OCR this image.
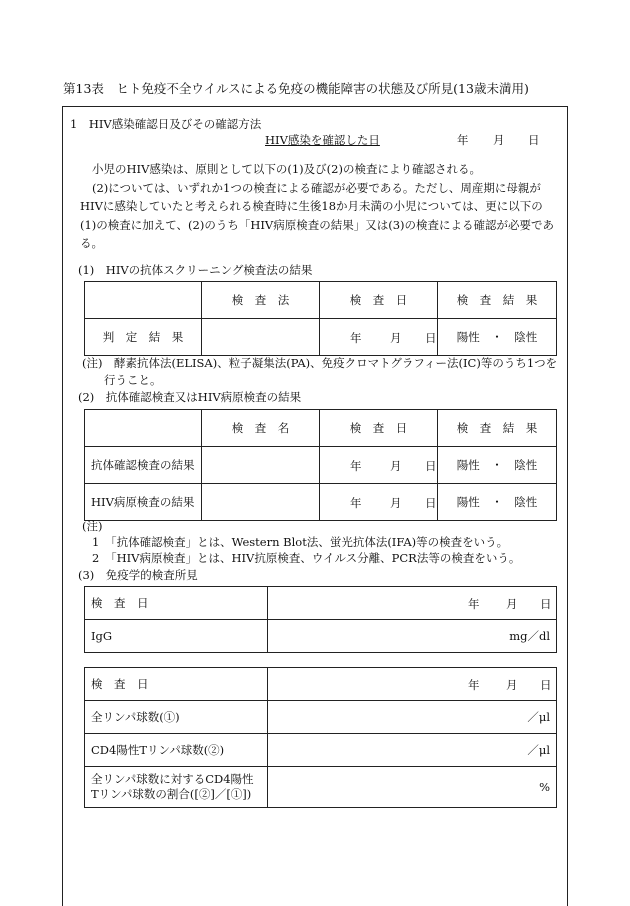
第13表　ヒト免疫不全ウイルスによる免疫の機能障害の状態及び所見(13歳未満用)
1　HIV感染確認日及びその確認方法
HIV感染を確認した日	年 月 日
小児のHIV感染は、原則として以下の(1)及び(2)の検査により確認される。
(2)については、いずれか1つの検査による確認が必要である。ただし、周産期に母親が
HIVに感染していたと考えられる検査時に生後18か月未満の小児については、更に以下の
(1)の検査に加えて、(2)のうち「HIV病原検査の結果」又は(3)の検査による確認が必要であ
る。
(1)　HIVの抗体スクリーニング検査法の結果
	検　査　法	検　査　日	検　査　結　果
判　定　結　果		年 月 日	陽性　・　陰性
(注)　酵素抗体法(ELISA)、粒子凝集法(PA)、免疫クロマトグラフィー法(IC)等のうち1つを
行うこと。
(2)　抗体確認検査又はHIV病原検査の結果
	検　査　名	検　査　日	検　査　結　果
抗体確認検査の結果		年 月 日	陽性　・　陰性
HIV病原検査の結果		年 月 日	陽性　・　陰性
(注)
1　「抗体確認検査」とは、Western Blot法、蛍光抗体法(IFA)等の検査をいう。
2　「HIV病原検査」とは、HIV抗原検査、ウイルス分離、PCR法等の検査をいう。
(3)　免疫学的検査所見
検　査　日	年 月 日

IgG	mg／dl
検　査　日	年 月 日

全リンパ球数(①)	／μl
CD4陽性Tリンパ球数(②)	／μl

全リンパ球数に対するCD4陽性
Tリンパ球数の割合([②]／[①])	%
